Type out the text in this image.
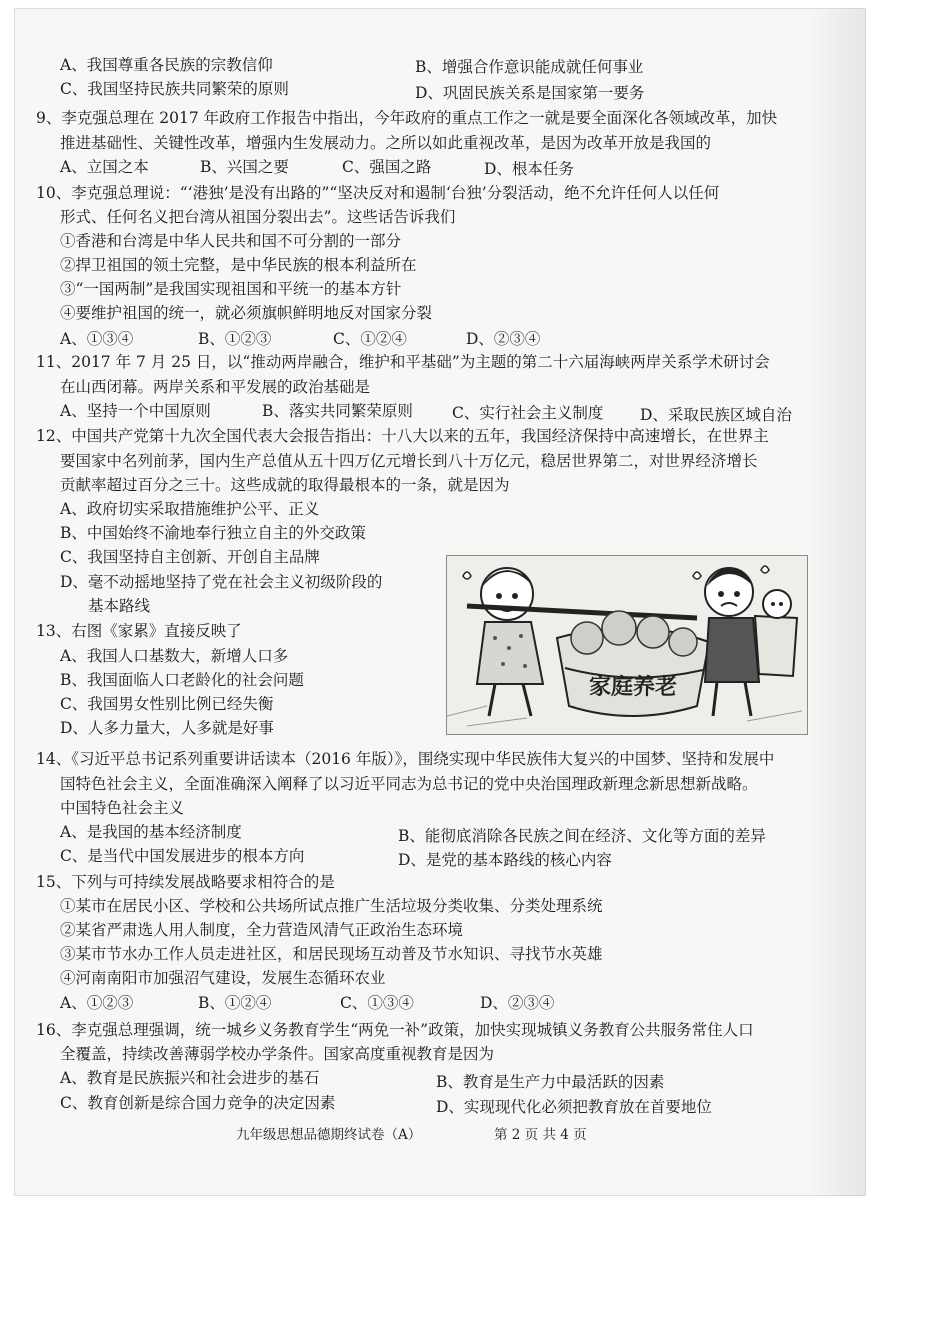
A、我国尊重各民族的宗教信仰	B、增强合作意识能成就任何事业
C、我国坚持民族共同繁荣的原则	D、巩固民族关系是国家第一要务
9、李克强总理在 2017 年政府工作报告中指出，今年政府的重点工作之一就是要全面深化各领域改革，加快
推进基础性、关键性改革，增强内生发展动力。之所以如此重视改革，是因为改革开放是我国的
A、立国之本	B、兴国之要	C、强国之路	D、根本任务
10、李克强总理说：“‘港独’是没有出路的”“坚决反对和遏制‘台独’分裂活动，绝不允许任何人以任何
形式、任何名义把台湾从祖国分裂出去”。这些话告诉我们
①香港和台湾是中华人民共和国不可分割的一部分
②捍卫祖国的领土完整，是中华民族的根本利益所在
③“一国两制”是我国实现祖国和平统一的基本方针
④要维护祖国的统一，就必须旗帜鲜明地反对国家分裂
A、①③④	B、①②③	C、①②④	D、②③④
11、2017 年 7 月 25 日，以“推动两岸融合，维护和平基础”为主题的第二十六届海峡两岸关系学术研讨会
在山西闭幕。两岸关系和平发展的政治基础是
A、坚持一个中国原则	B、落实共同繁荣原则	C、实行社会主义制度 D、采取民族区域自治
12、中国共产党第十九次全国代表大会报告指出：十八大以来的五年，我国经济保持中高速增长，在世界主
要国家中名列前茅，国内生产总值从五十四万亿元增长到八十万亿元，稳居世界第二，对世界经济增长
贡献率超过百分之三十。这些成就的取得最根本的一条，就是因为
A、政府切实采取措施维护公平、正义
B、中国始终不渝地奉行独立自主的外交政策
C、我国坚持自主创新、开创自主品牌
D、毫不动摇地坚持了党在社会主义初级阶段的
基本路线
13、右图《家累》直接反映了
A、我国人口基数大，新增人口多
B、我国面临人口老龄化的社会问题
C、我国男女性别比例已经失衡
D、人多力量大，人多就是好事
家庭养老
14、《习近平总书记系列重要讲话读本（2016 年版）》，围绕实现中华民族伟大复兴的中国梦、坚持和发展中
国特色社会主义，全面准确深入阐释了以习近平同志为总书记的党中央治国理政新理念新思想新战略。
中国特色社会主义
A、是我国的基本经济制度	B、能彻底消除各民族之间在经济、文化等方面的差异
C、是当代中国发展进步的根本方向	D、是党的基本路线的核心内容
15、下列与可持续发展战略要求相符合的是
①某市在居民小区、学校和公共场所试点推广生活垃圾分类收集、分类处理系统
②某省严肃选人用人制度，全力营造风清气正政治生态环境
③某市节水办工作人员走进社区，和居民现场互动普及节水知识、寻找节水英雄
④河南南阳市加强沼气建设，发展生态循环农业
A、①②③	B、①②④	C、①③④	D、②③④
16、李克强总理强调，统一城乡义务教育学生“两免一补”政策，加快实现城镇义务教育公共服务常住人口
全覆盖，持续改善薄弱学校办学条件。国家高度重视教育是因为
A、教育是民族振兴和社会进步的基石	B、教育是生产力中最活跃的因素
C、教育创新是综合国力竞争的决定因素	D、实现现代化必须把教育放在首要地位
九年级思想品德期终试卷（A）	第 2 页 共 4 页
